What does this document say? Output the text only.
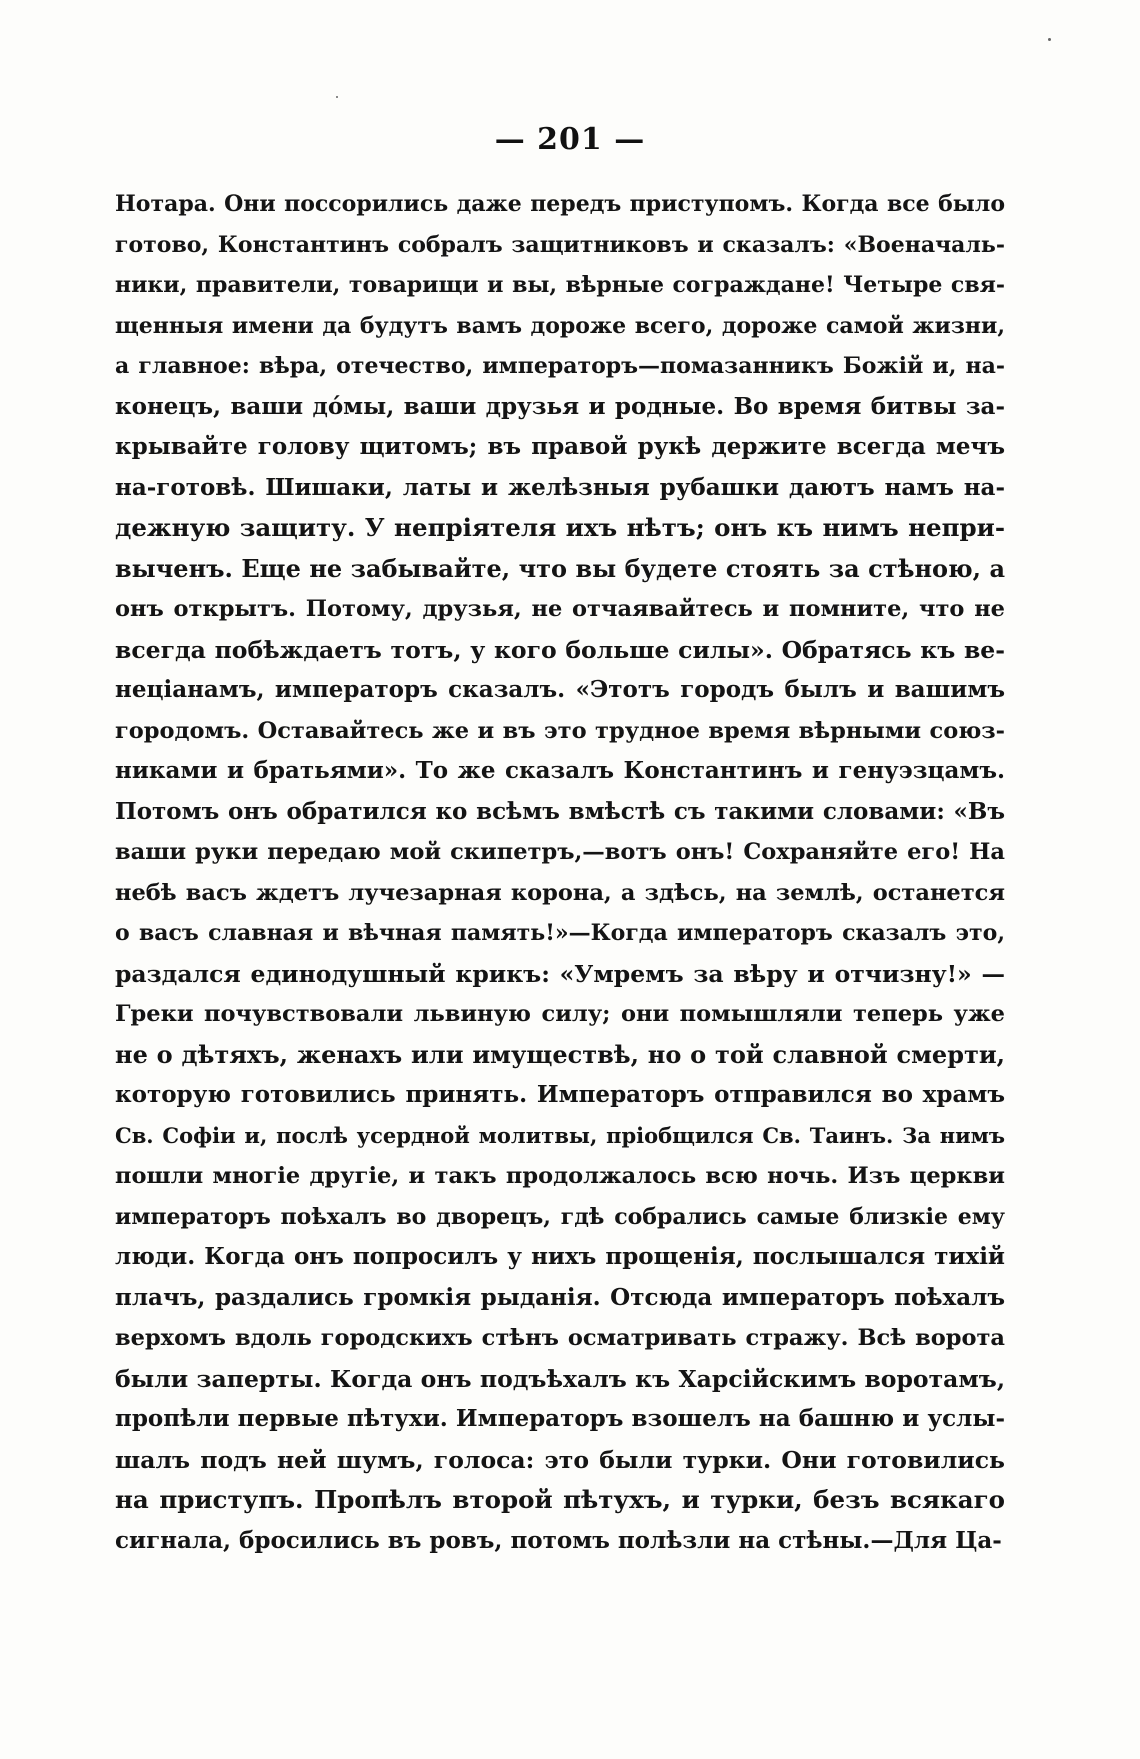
— 201 —
Нотара. Они поссорились даже передъ приступомъ. Когда все было
готово, Константинъ собралъ защитниковъ и сказалъ: «Военачаль-
ники, правители, товарищи и вы, вѣрные согражданe! Четыре свя-
щенныя имени да будутъ вамъ дороже всего, дороже самой жизни,
а главное: вѣра, отечество, императоръ—помазанникъ Божій и, на-
конецъ, ваши дóмы, ваши друзья и родные. Во время битвы за-
крывайте голову щитомъ; въ правой рукѣ держите всегда мечъ
на-готовѣ. Шишаки, латы и желѣзныя рубашки даютъ намъ на-
дежную защиту. У непріятеля ихъ нѣтъ; онъ къ нимъ непри-
выченъ. Еще не забывайте, что вы будете стоять за стѣною, а
онъ открытъ. Потому, друзья, не отчаявайтесь и помните, что не
всегда побѣждаетъ тотъ, у кого больше силы». Обратясь къ ве-
неціанамъ, императоръ сказалъ. «Этотъ городъ былъ и вашимъ
городомъ. Оставайтесь же и въ это трудное время вѣрными союз-
никами и братьями». То же сказалъ Константинъ и генуэзцамъ.
Потомъ онъ обратился ко всѣмъ вмѣстѣ съ такими словами: «Въ
ваши руки передаю мой скипетръ,—вотъ онъ! Сохраняйте его! На
небѣ васъ ждетъ лучезарная корона, а здѣсь, на землѣ, останется
о васъ славная и вѣчная память!»—Когда императоръ сказалъ это,
раздался единодушный крикъ: «Умремъ за вѣру и отчизну!» —
Греки почувствовали львиную силу; они помышляли теперь уже
не о дѣтяхъ, женахъ или имуществѣ, но о той славной смерти,
которую готовились принять. Императоръ отправился во храмъ
Св. Софіи и, послѣ усердной молитвы, пріобщился Св. Таинъ. За нимъ
пошли многіе другіе, и такъ продолжалось всю ночь. Изъ церкви
императоръ поѣхалъ во дворецъ, гдѣ собрались самые близкіе ему
люди. Когда онъ попросилъ у нихъ прощенія, послышался тихій
плачъ, раздались громкія рыданія. Отсюда императоръ поѣхалъ
верхомъ вдоль городскихъ стѣнъ осматривать стражу. Всѣ ворота
были заперты. Когда онъ подъѣхалъ къ Харсійскимъ воротамъ,
пропѣли первые пѣтухи. Императоръ взошелъ на башню и услы-
шалъ подъ ней шумъ, голоса: это были турки. Они готовились
на приступъ. Пропѣлъ второй пѣтухъ, и турки, безъ всякаго
сигнала, бросились въ ровъ, потомъ полѣзли на стѣны.—Для Ца-
